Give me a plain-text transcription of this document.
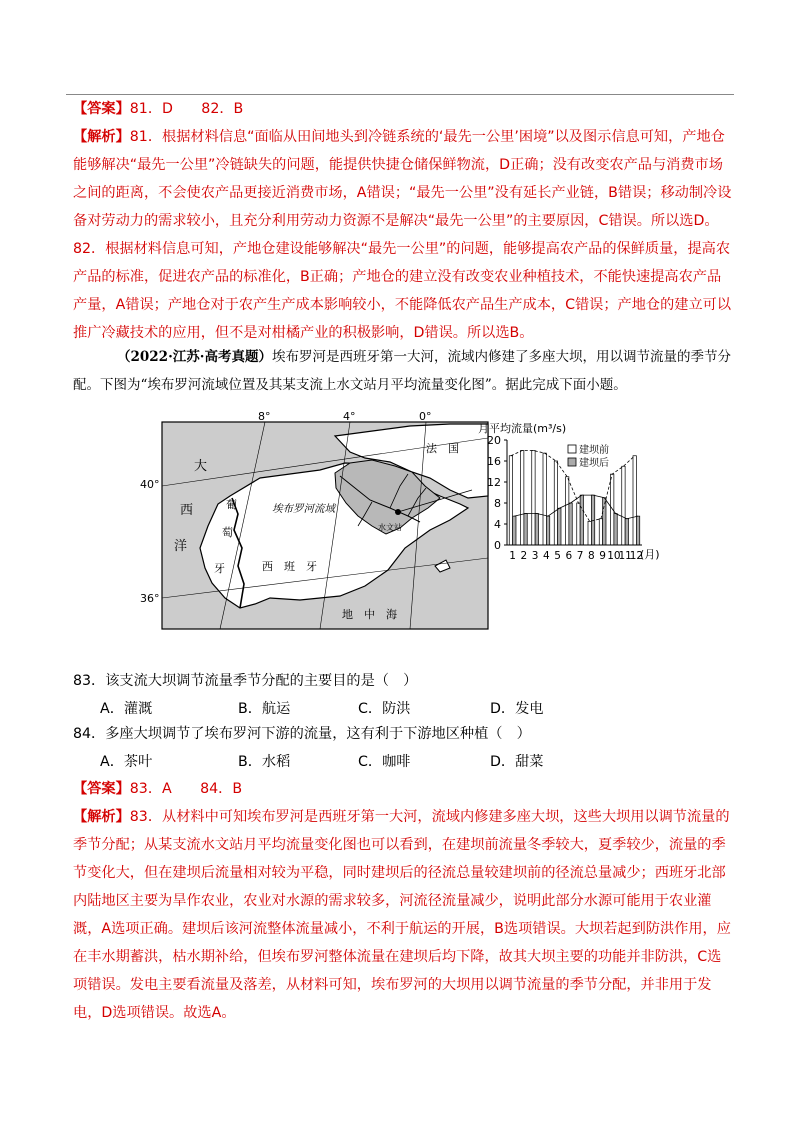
【答案】81．D　　82．B
【解析】81．根据材料信息“面临从田间地头到冷链系统的‘最先一公里’困境”以及图示信息可知，产地仓能够解决“最先一公里”冷链缺失的问题，能提供快捷仓储保鲜物流，D正确；没有改变农产品与消费市场之间的距离，不会使农产品更接近消费市场，A错误；“最先一公里”没有延长产业链，B错误；移动制冷设备对劳动力的需求较小，且充分利用劳动力资源不是解决“最先一公里”的主要原因，C错误。所以选D。
82．根据材料信息可知，产地仓建设能够解决“最先一公里”的问题，能够提高农产品的保鲜质量，提高农产品的标准，促进农产品的标准化，B正确；产地仓的建立没有改变农业种植技术，不能快速提高农产品产量，A错误；产地仓对于农产生产成本影响较小，不能降低农产品生产成本，C错误；产地仓的建立可以推广冷藏技术的应用，但不是对柑橘产业的积极影响，D错误。所以选B。
（2022·江苏·高考真题）埃布罗河是西班牙第一大河，流域内修建了多座大坝，用以调节流量的季节分配。下图为“埃布罗河流域位置及其某支流上水文站月平均流量变化图”。据此完成下面小题。
8°	4°	0°
40°
36°
大
西
洋
葡
萄
牙	西　班　牙
法　国
地　中　海
埃布罗河流域
水文站
月平均流量(m³/s)
0
4
8
12
16
20
1 2 3 4 5 6 7 8 9 10
11
12
(月)
建坝前
建坝后
83．该支流大坝调节流量季节分配的主要目的是（　）
A．灌溉	B．航运	C．防洪	D．发电
84．多座大坝调节了埃布罗河下游的流量，这有利于下游地区种植（　）
A．茶叶	B．水稻	C．咖啡	D．甜菜
【答案】83．A　　84．B
【解析】83．从材料中可知埃布罗河是西班牙第一大河，流域内修建多座大坝，这些大坝用以调节流量的季节分配；从某支流水文站月平均流量变化图也可以看到，在建坝前流量冬季较大，夏季较少，流量的季节变化大，但在建坝后流量相对较为平稳，同时建坝后的径流总量较建坝前的径流总量减少；西班牙北部内陆地区主要为旱作农业，农业对水源的需求较多，河流径流量减少，说明此部分水源可能用于农业灌溉，A选项正确。建坝后该河流整体流量减小，不利于航运的开展，B选项错误。大坝若起到防洪作用，应在丰水期蓄洪，枯水期补给，但埃布罗河整体流量在建坝后均下降，故其大坝主要的功能并非防洪，C选项错误。发电主要看流量及落差，从材料可知，埃布罗河的大坝用以调节流量的季节分配，并非用于发电，D选项错误。故选A。
